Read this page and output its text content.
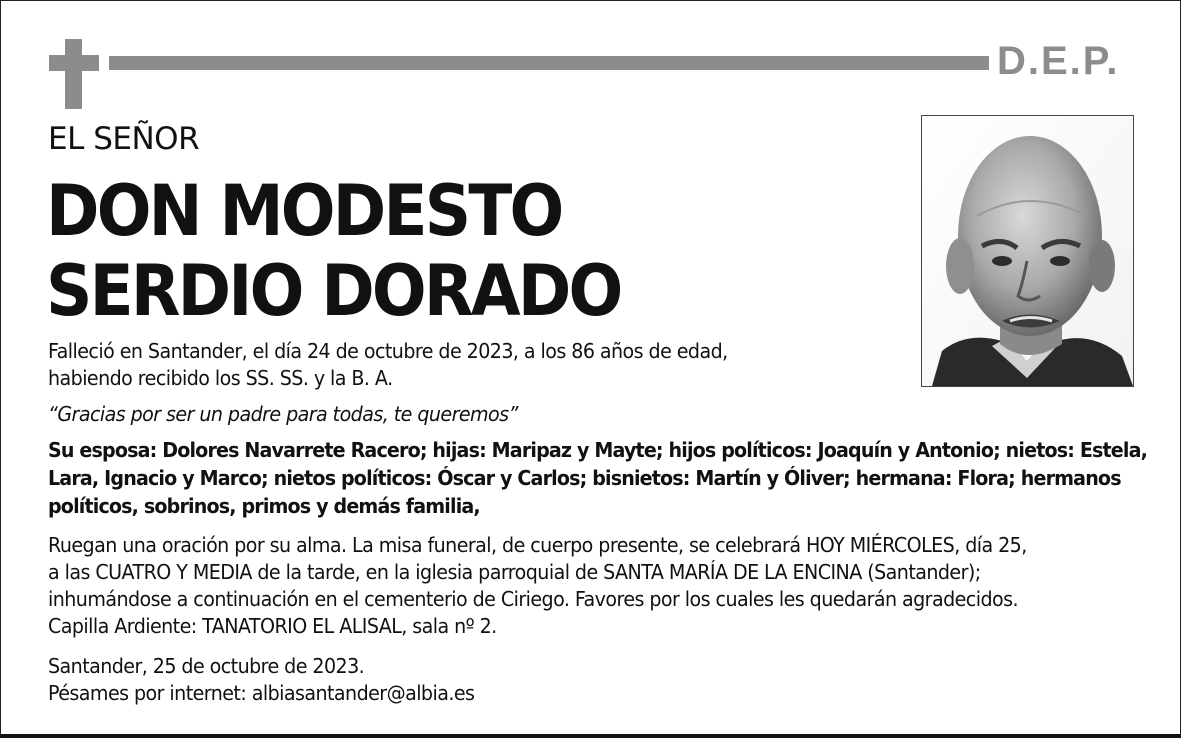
D.E.P.
EL SEÑOR
DON MODESTO
SERDIO DORADO
Falleció en Santander, el día 24 de octubre de 2023, a los 86 años de edad,
habiendo recibido los SS. SS. y la B. A.
“Gracias por ser un padre para todas, te queremos”
Su esposa: Dolores Navarrete Racero; hijas: Maripaz y Mayte; hijos políticos: Joaquín y Antonio; nietos: Estela,
Lara, Ignacio y Marco; nietos políticos: Óscar y Carlos; bisnietos: Martín y Óliver; hermana: Flora; hermanos
políticos, sobrinos, primos y demás familia,
Ruegan una oración por su alma. La misa funeral, de cuerpo presente, se celebrará HOY MIÉRCOLES, día 25,
a las CUATRO Y MEDIA de la tarde, en la iglesia parroquial de SANTA MARÍA DE LA ENCINA (Santander);
inhumándose a continuación en el cementerio de Ciriego. Favores por los cuales les quedarán agradecidos.
Capilla Ardiente: TANATORIO EL ALISAL, sala nº 2.
Santander, 25 de octubre de 2023.
Pésames por internet: albiasantander@albia.es
